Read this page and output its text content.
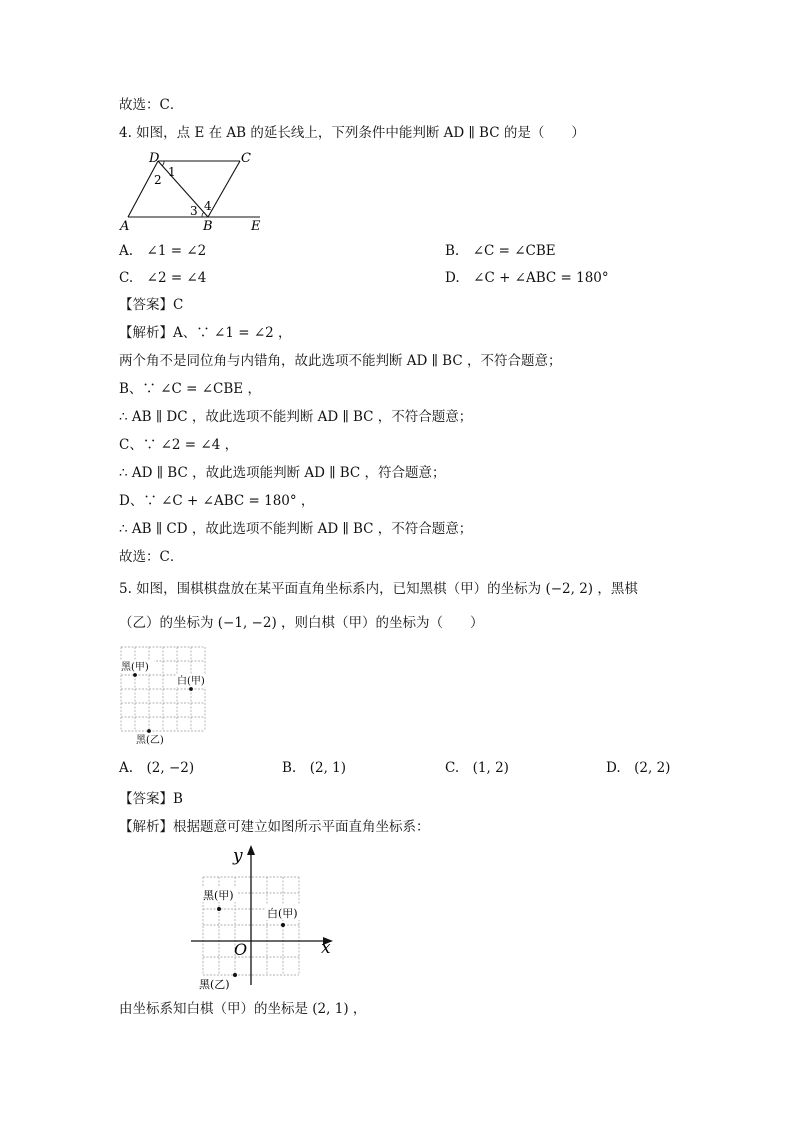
故选：C．
4. 如图，点 E 在 AB 的延长线上，下列条件中能判断 AD ∥ BC 的是（　　）
D	C
A	B	E
1
2
3 4
A.　∠1 = ∠2	B.　∠C = ∠CBE
C.　∠2 = ∠4	D.　∠C + ∠ABC = 180°
【答案】C
【解析】A、∵ ∠1 = ∠2 ，
两个角不是同位角与内错角，故此选项不能判断 AD ∥ BC ，不符合题意；
B、∵ ∠C = ∠CBE ，
∴ AB ∥ DC ，故此选项不能判断 AD ∥ BC ，不符合题意；
C、∵ ∠2 = ∠4 ，
∴ AD ∥ BC ，故此选项能判断 AD ∥ BC ，符合题意；
D、∵ ∠C + ∠ABC = 180° ，
∴ AB ∥ CD ，故此选项不能判断 AD ∥ BC ，不符合题意；
故选：C．
5. 如图，围棋棋盘放在某平面直角坐标系内，已知黑棋（甲）的坐标为 (−2, 2) ，黑棋
（乙）的坐标为 (−1, −2) ，则白棋（甲）的坐标为（　　）
黑(甲)
白(甲)
黑(乙)
A.　(2, −2)	B.　(2, 1)	C.　(1, 2)	D.　(2, 2)
【答案】B
【解析】根据题意可建立如图所示平面直角坐标系：
y
x
O
黑(甲)
白(甲)
黑(乙)
由坐标系知白棋（甲）的坐标是 (2, 1) ，
